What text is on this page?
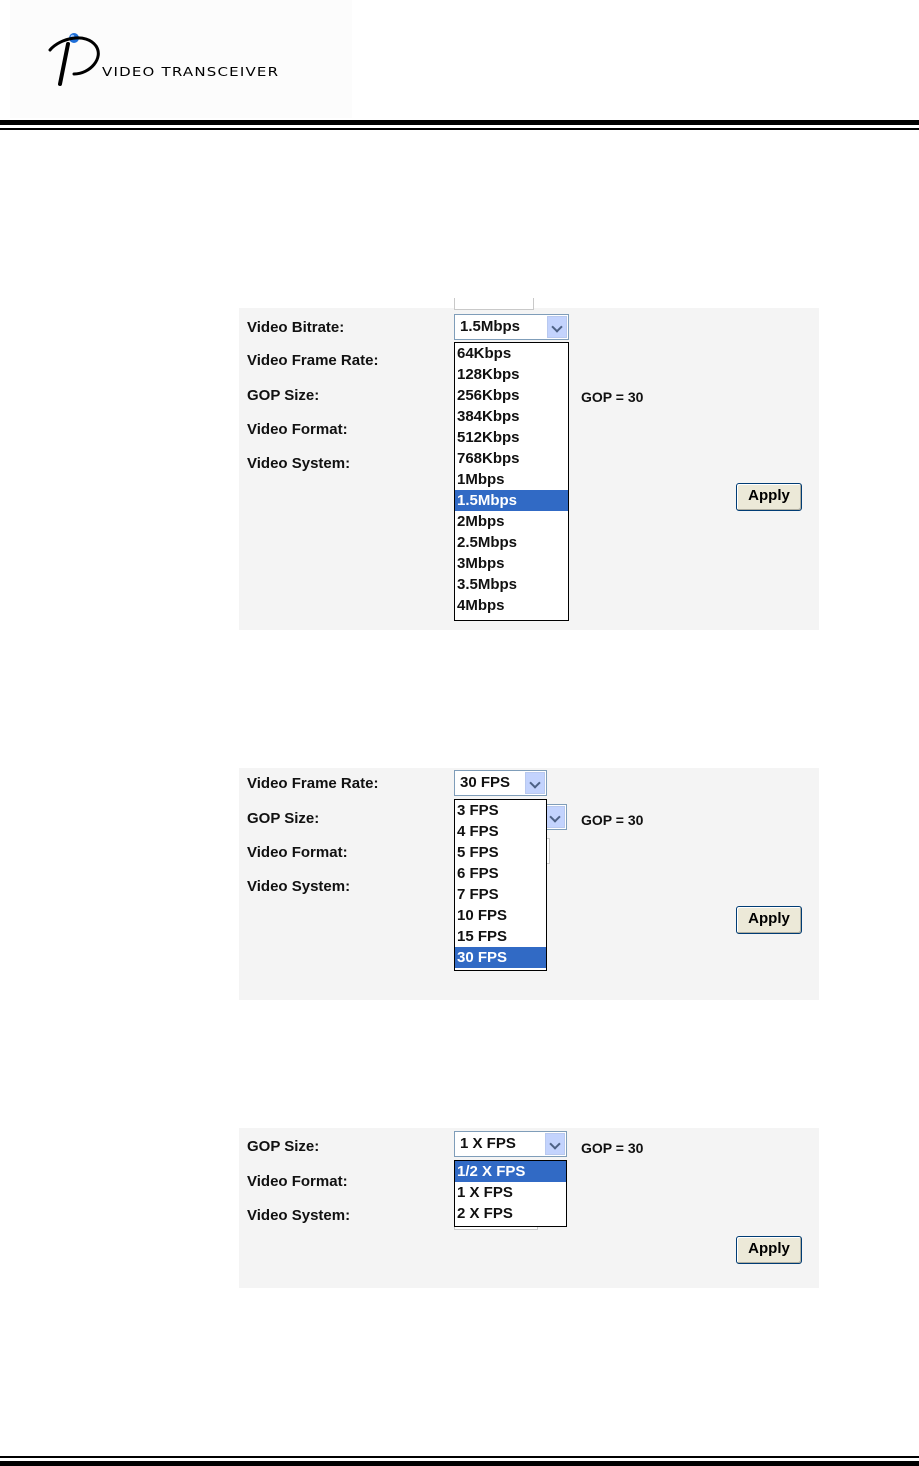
VIDEO TRANSCEIVER
Video Bitrate:
Video Frame Rate:
GOP Size:
Video Format:
Video System:
1.5Mbps
64Kbps
128Kbps
256Kbps
384Kbps
512Kbps
768Kbps
1Mbps
1.5Mbps
2Mbps
2.5Mbps
3Mbps
3.5Mbps
4Mbps
GOP = 30
Apply
Video Frame Rate:
GOP Size:
Video Format:
Video System:
30 FPS
3 FPS
4 FPS
5 FPS
6 FPS
7 FPS
10 FPS
15 FPS
30 FPS
GOP = 30
Apply
GOP Size:
Video Format:
Video System:
1 X FPS
1/2 X FPS
1 X FPS
2 X FPS
GOP = 30
Apply
